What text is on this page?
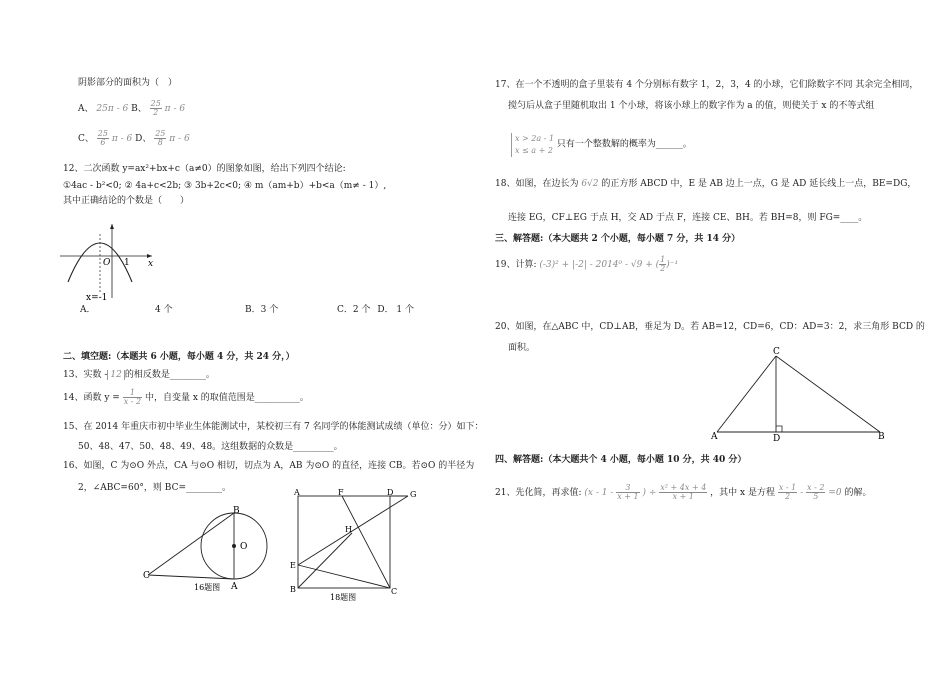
阴影部分的面积为（　）
A、 25π - 6 B、 $\frac{25}{2}$ π - 6
C、 $\frac{25}{6}$ π - 6 D、 $\frac{25}{8}$ π - 6
12、二次函数 y=ax²+bx+c（a≠0）的图象如图，给出下列四个结论:
①4ac - b²<0; ② 4a+c<2b; ③ 3b+2c<0; ④ m（am+b）+b<a（m≠ - 1）,
其中正确结论的个数是（　　）
O 1 x
x=-1
A．	4 个	B．3 个	C．2 个 D． 1 个
二、填空题:（本题共 6 小题，每小题 4 分，共 24 分，）
13、实数 - 12 的相反数是________。
14、函数 $y = \frac{1}{x - 2}$ 中，自变量 x 的取值范围是__________。
15、在 2014 年重庆市初中毕业生体能测试中，某校初三有 7 名同学的体能测试成绩（单位：分）如下：
50、48、47、50、48、49、48。这组数据的众数是_________。
16、如图，C 为⊙O 外点，CA 与⊙O 相切，切点为 A，AB 为⊙O 的直径，连接 CB。若⊙O 的半径为
2，∠ABC=60°，则 BC=________。
B
O
C
A
16题图
A	F	D G
H
E
B	C
18题图
17、在一个不透明的盒子里装有 4 个分别标有数字 1，2，3，4 的小球，它们除数字不同 其余完全相同，
搅匀后从盒子里随机取出 1 个小球，将该小球上的数字作为 a 的值，则使关于 x 的不等式组
x > 2a - 1
x ≤ a + 2
只有一个整数解的概率为______。
18、如图，在边长为 6√2 的正方形 ABCD 中，E 是 AB 边上一点，G 是 AD 延长线上一点，BE=DG，
连接 EG，CF⊥EG 于点 H，交 AD 于点 F，连接 CE、BH。若 BH=8，则 FG=____。
三、解答题:（本大题共 2 个小题，每小题 7 分，共 14 分）
19、计算: (-3)² + |-2| - 2014⁰ - √9 + ( $\frac{1}{2} )^{-1}$
20、如图，在△ABC 中，CD⊥AB，垂足为 D。若 AB=12，CD=6，CD：AD=3：2，求三角形 BCD 的
面积。	C
A	D	B
四、解答题:（本大题共个 4 小题，每小题 10 分，共 40 分）
21、先化简，再求值: ($x - 1 - \frac{3}{x + 1}$ ) ÷ $\frac{\text{x² + 4x + 4}}{x + 1}$ ，其中 x 是方程 $\frac{x - 1}{2} - \frac{x - 2}{5} =0$ 的解。
